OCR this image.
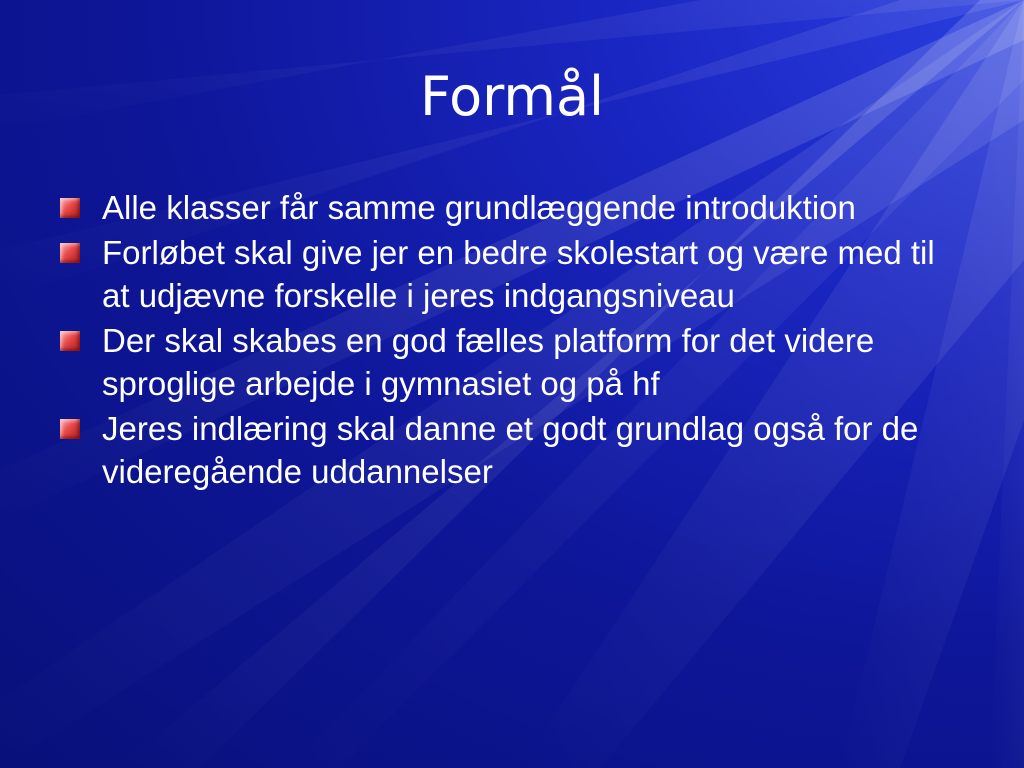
Formål
Alle klasser får samme grundlæggende introduktion
Forløbet skal give jer en bedre skolestart og være med til at udjævne forskelle i jeres indgangsniveau
Der skal skabes en god fælles platform for det videre sproglige arbejde i gymnasiet og på hf
Jeres indlæring skal danne et godt grundlag også for de videregående uddannelser
